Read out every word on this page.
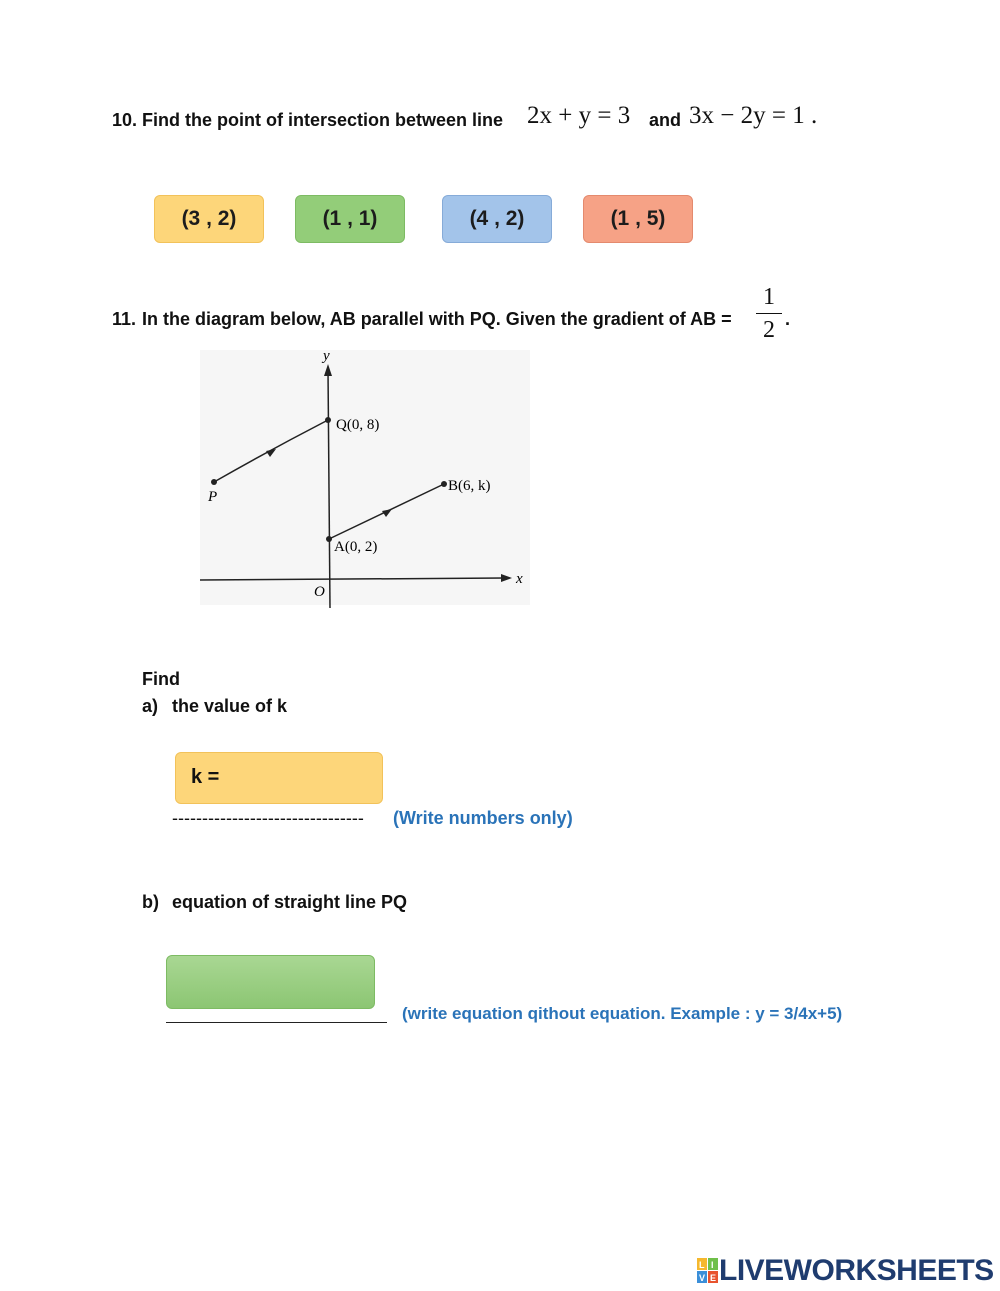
10. Find the point of intersection between line 2x + y = 3 and 3x − 2y = 1 .
(3 , 2)	(1 , 1)	(4 , 2)	(1 , 5)
11. In the diagram below, AB parallel with PQ. Given the gradient of AB =
1
2 .
y
x
O
Q(0, 8)
P
B(6, k)
A(0, 2)
Find
a) the value of k
k =
-------------------------------- (Write numbers only)
b) equation of straight line PQ
(write equation qithout equation. Example : y = 3/4x+5)
L I
V E LIVEWORKSHEETS
